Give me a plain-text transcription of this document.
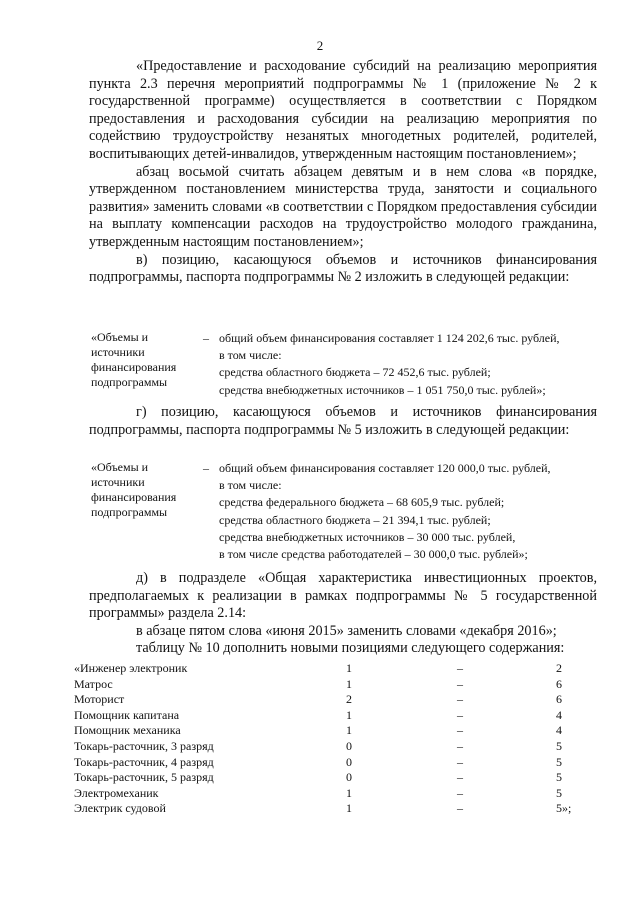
2

«Предоставление и расходование субсидий на реализацию мероприятия пункта 2.3 перечня мероприятий подпрограммы № 1 (приложение № 2 к государственной программе) осуществляется в соответствии с Порядком предоставления и расходования субсидии на реализацию мероприятия по содействию трудоустройству незанятых многодетных родителей, родителей, воспитывающих детей-инвалидов, утвержденным настоящим постановлением»;

абзац восьмой считать абзацем девятым и в нем слова «в порядке, утвержденном постановлением министерства труда, занятости и социального развития» заменить словами «в соответствии с Порядком предоставления субсидии на выплату компенсации расходов на трудоустройство молодого гражданина, утвержденным настоящим постановлением»;

в) позицию, касающуюся объемов и источников финансирования подпрограммы, паспорта подпрограммы № 2 изложить в следующей редакции:

«Объемы и источники финансирования подпрограммы
– общий объем финансирования составляет 1 124 202,6 тыс. рублей,
в том числе:
средства областного бюджета – 72 452,6 тыс. рублей;
средства внебюджетных источников – 1 051 750,0 тыс. рублей»;

г) позицию, касающуюся объемов и источников финансирования подпрограммы, паспорта подпрограммы № 5 изложить в следующей редакции:

«Объемы и источники финансирования подпрограммы
– общий объем финансирования составляет 120 000,0 тыс. рублей,
в том числе:
средства федерального бюджета – 68 605,9 тыс. рублей;
средства областного бюджета – 21 394,1 тыс. рублей;
средства внебюджетных источников – 30 000 тыс. рублей,
в том числе средства работодателей – 30 000,0 тыс. рублей»;

д) в подразделе «Общая характеристика инвестиционных проектов, предполагаемых к реализации в рамках подпрограммы № 5 государственной программы» раздела 2.14:

в абзаце пятом слова «июня 2015» заменить словами «декабря 2016»;

таблицу № 10 дополнить новыми позициями следующего содержания:

«Инженер электроник	1	–	2
Матрос	1	–	6
Моторист	2	–	6
Помощник капитана	1	–	4
Помощник механика	1	–	4
Токарь-расточник, 3 разряд	0	–	5
Токарь-расточник, 4 разряд	0	–	5
Токарь-расточник, 5 разряд	0	–	5
Электромеханик	1	–	5
Электрик судовой	1	–	5»;
